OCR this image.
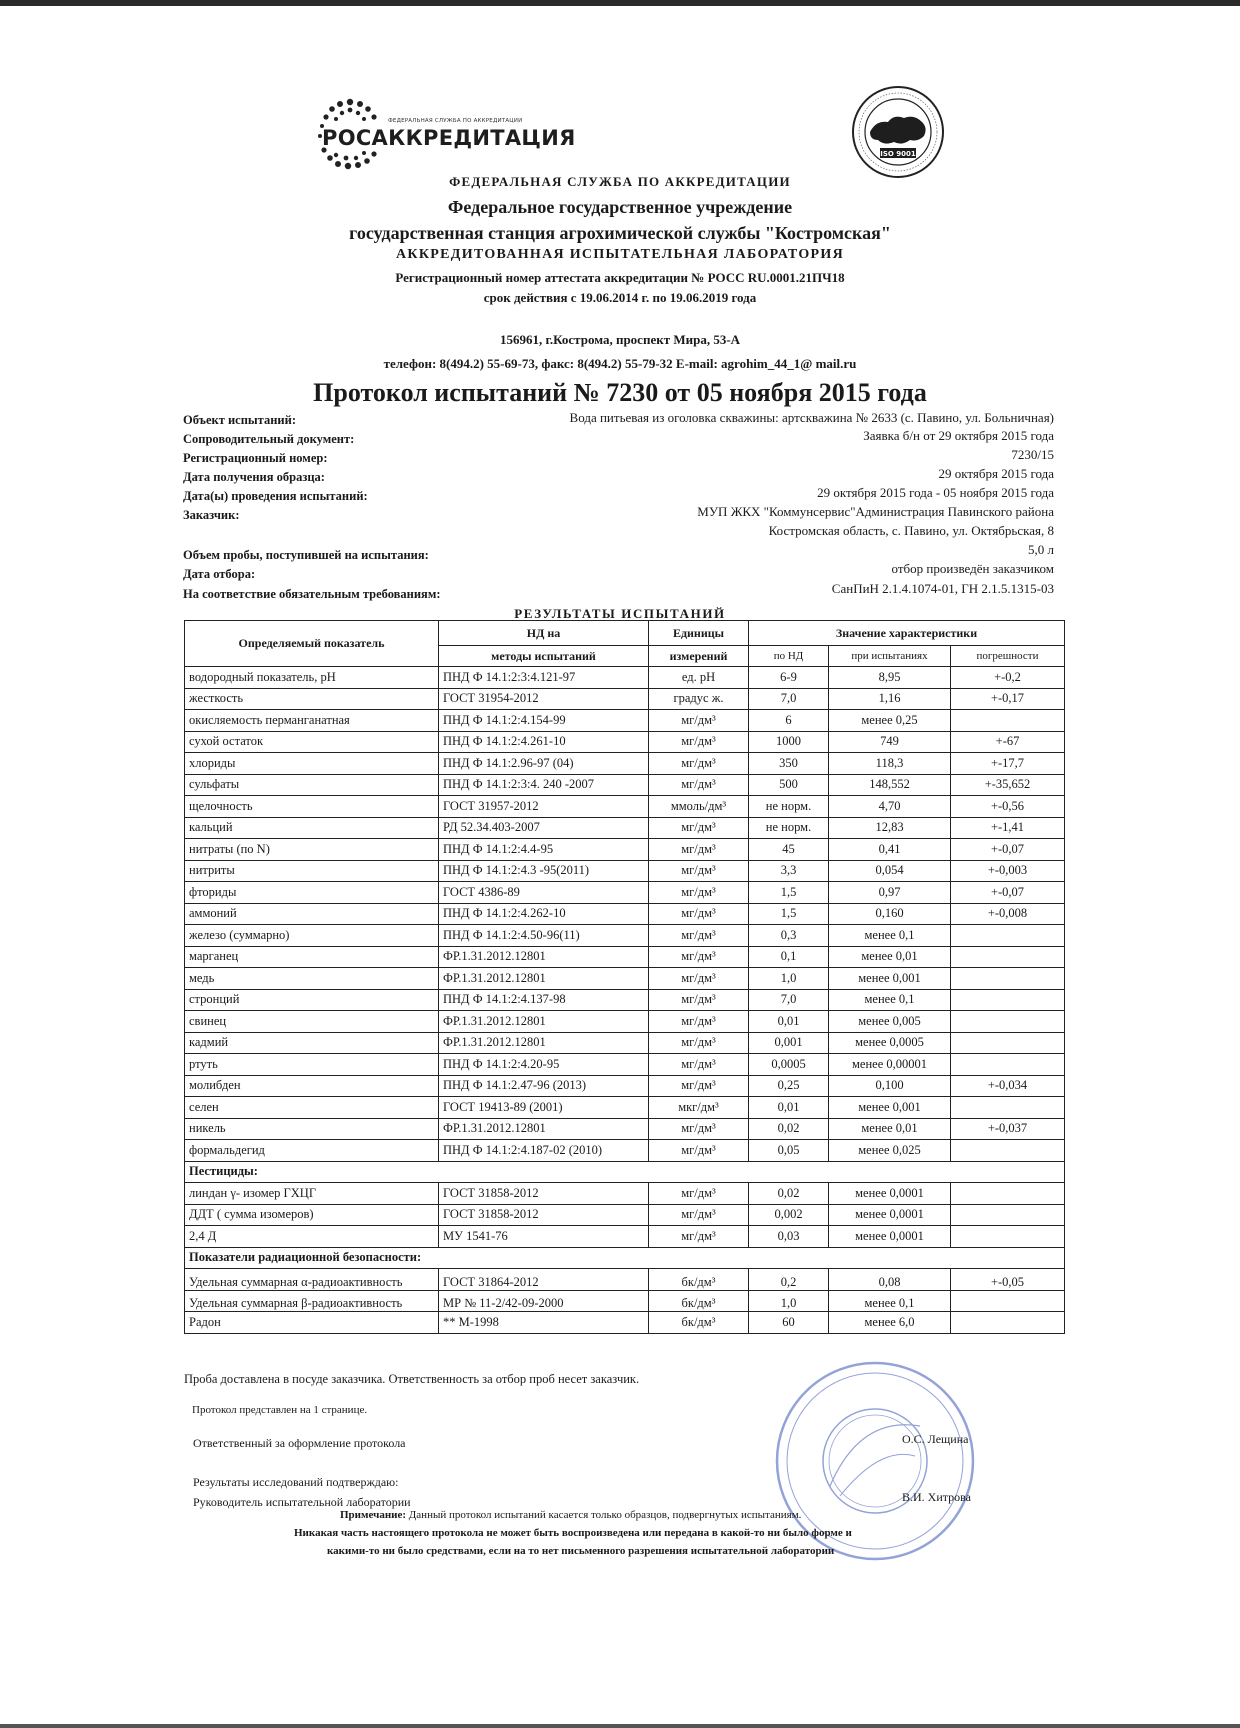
ФЕДЕРАЛЬНАЯ СЛУЖБА ПО АККРЕДИТАЦИИ
РОСАККРЕДИТАЦИЯ
ISO 9001
ФЕДЕРАЛЬНАЯ СЛУЖБА ПО АККРЕДИТАЦИИ
Федеральное государственное учреждение
государственная станция агрохимической службы "Костромская"
АККРЕДИТОВАННАЯ ИСПЫТАТЕЛЬНАЯ ЛАБОРАТОРИЯ
Регистрационный номер аттестата аккредитации № РОСС RU.0001.21ПЧ18
срок действия с 19.06.2014 г. по 19.06.2019 года
156961, г.Кострома, проспект Мира, 53-А
телефон: 8(494.2) 55-69-73, факс: 8(494.2) 55-79-32 E-mail: agrohim_44_1@ mail.ru
Протокол испытаний № 7230 от 05 ноября 2015 года
Объект испытаний:	Вода питьевая из оголовка скважины: артскважина № 2633 (с. Павино, ул. Больничная)
Сопроводительный документ:	Заявка б/н от 29 октября 2015 года
Регистрационный номер:	7230/15
Дата получения образца:	29 октября 2015 года
Дата(ы) проведения испытаний:	29 октября 2015 года - 05 ноября 2015 года
Заказчик:	МУП ЖКХ "Коммунсервис"Администрация Павинского района
Костромская область, с. Павино, ул. Октябрьская, 8
Объем пробы, поступившей на испытания:	5,0 л
Дата отбора:	отбор произведён заказчиком
На соответствие обязательным требованиям:	СанПиН 2.1.4.1074-01, ГН 2.1.5.1315-03
РЕЗУЛЬТАТЫ ИСПЫТАНИЙ
Определяемый показатель	НД на	Единицы	Значение характеристики		
	методы испытаний	измерений	по НД	при испытаниях	погрешности
водородный показатель, pH	ПНД Ф 14.1:2:3:4.121-97	ед. pH	6-9	8,95	+-0,2
жесткость	ГОСТ 31954-2012	градус ж.	7,0	1,16	+-0,17
окисляемость перманганатная	ПНД Ф 14.1:2:4.154-99	мг/дм³	6	менее 0,25	
сухой остаток	ПНД Ф 14.1:2:4.261-10	мг/дм³	1000	749	+-67
хлориды	ПНД Ф 14.1:2.96-97 (04)	мг/дм³	350	118,3	+-17,7
сульфаты	ПНД Ф 14.1:2:3:4. 240 -2007	мг/дм³	500	148,552	+-35,652
щелочность	ГОСТ 31957-2012	ммоль/дм³	не норм.	4,70	+-0,56
кальций	РД 52.34.403-2007	мг/дм³	не норм.	12,83	+-1,41
нитраты (по N)	ПНД Ф 14.1:2:4.4-95	мг/дм³	45	0,41	+-0,07
нитриты	ПНД Ф 14.1:2:4.3 -95(2011)	мг/дм³	3,3	0,054	+-0,003
фториды	ГОСТ 4386-89	мг/дм³	1,5	0,97	+-0,07
аммоний	ПНД Ф 14.1:2:4.262-10	мг/дм³	1,5	0,160	+-0,008
железо (суммарно)	ПНД Ф 14.1:2:4.50-96(11)	мг/дм³	0,3	менее 0,1	
марганец	ФР.1.31.2012.12801	мг/дм³	0,1	менее 0,01	
медь	ФР.1.31.2012.12801	мг/дм³	1,0	менее 0,001	
стронций	ПНД Ф 14.1:2:4.137-98	мг/дм³	7,0	менее 0,1	
свинец	ФР.1.31.2012.12801	мг/дм³	0,01	менее 0,005	
кадмий	ФР.1.31.2012.12801	мг/дм³	0,001	менее 0,0005	
ртуть	ПНД Ф 14.1:2:4.20-95	мг/дм³	0,0005	менее 0,00001	
молибден	ПНД Ф 14.1:2.47-96 (2013)	мг/дм³	0,25	0,100	+-0,034
селен	ГОСТ 19413-89 (2001)	мкг/дм³	0,01	менее 0,001	
никель	ФР.1.31.2012.12801	мг/дм³	0,02	менее 0,01	+-0,037
формальдегид	ПНД Ф 14.1:2:4.187-02 (2010)	мг/дм³	0,05	менее 0,025	
Пестициды:					
линдан γ- изомер ГХЦГ	ГОСТ 31858-2012	мг/дм³	0,02	менее 0,0001	
ДДТ ( сумма изомеров)	ГОСТ 31858-2012	мг/дм³	0,002	менее 0,0001	
2,4 Д	МУ 1541-76	мг/дм³	0,03	менее 0,0001	
Показатели радиационной безопасности:					
Удельная суммарная α-радиоактивность	ГОСТ 31864-2012	бк/дм³	0,2	0,08	+-0,05
Удельная суммарная β-радиоактивность	МР № 11-2/42-09-2000	бк/дм³	1,0	менее 0,1	
Радон	** М-1998	бк/дм³	60	менее 6,0	
Проба доставлена в посуде заказчика. Ответственность за отбор проб несет заказчик.
Протокол представлен на 1 странице.
Ответственный за оформление протокола	О.С. Лещина
Результаты исследований подтверждаю:
Руководитель испытательной лаборатории	В.И. Хитрова
Примечание: Данный протокол испытаний касается только образцов, подвергнутых испытаниям.
Никакая часть настоящего протокола не может быть воспроизведена или передана в какой-то ни было форме и
какими-то ни было средствами, если на то нет письменного разрешения испытательной лаборатории
